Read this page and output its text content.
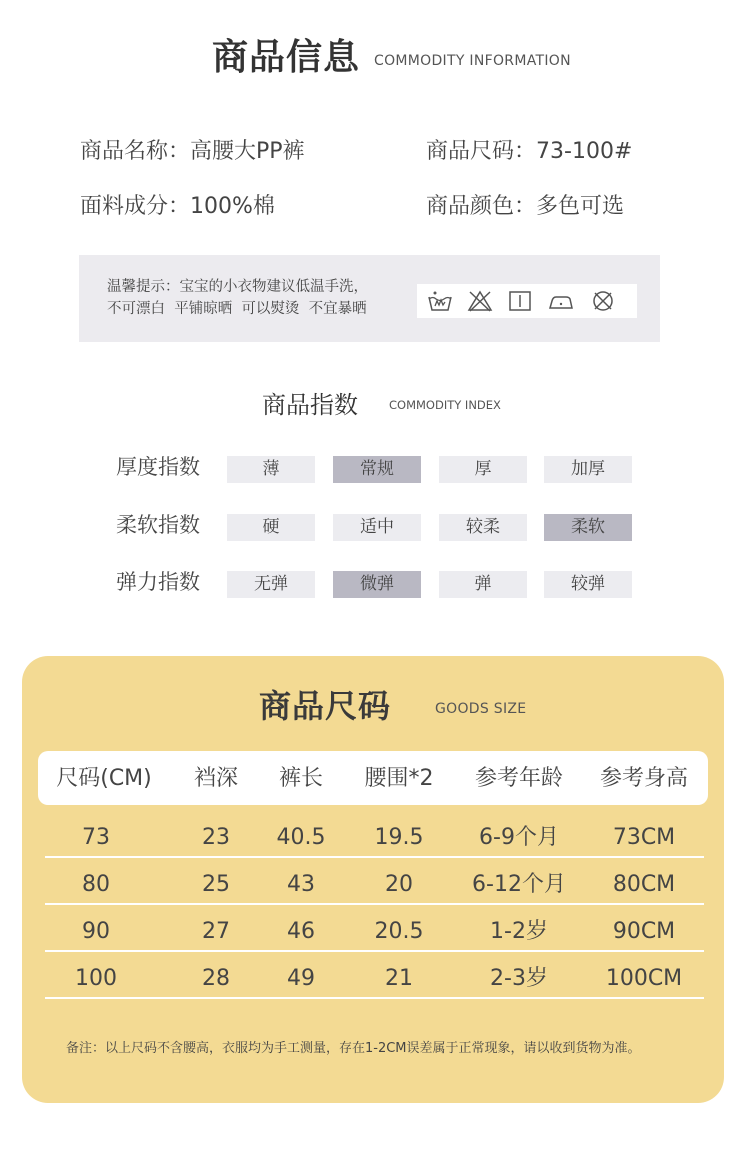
商品信息 COMMODITY INFORMATION
商品名称：高腰大PP裤	商品尺码：73-100#
面料成分：100%棉	商品颜色：多色可选
温馨提示：宝宝的小衣物建议低温手洗，
不可漂白  平铺晾晒  可以熨烫  不宜暴晒
商品指数	COMMODITY INDEX
厚度指数	薄	常规	厚	加厚
柔软指数	硬	适中	较柔	柔软
弹力指数	无弹	微弹	弹	较弹
商品尺码	GOODS SIZE
尺码(CM) 裆深 裤长 腰围*2 参考年龄 参考身高
73	23 40.5 19.5	6-9个月 73CM
80	25	43	20	6-12个月 80CM
90	27	46	20.5	1-2岁	90CM
100	28	49	21	2-3岁	100CM
备注：以上尺码不含腰高，衣服均为手工测量，存在1-2CM误差属于正常现象，请以收到货物为准。
